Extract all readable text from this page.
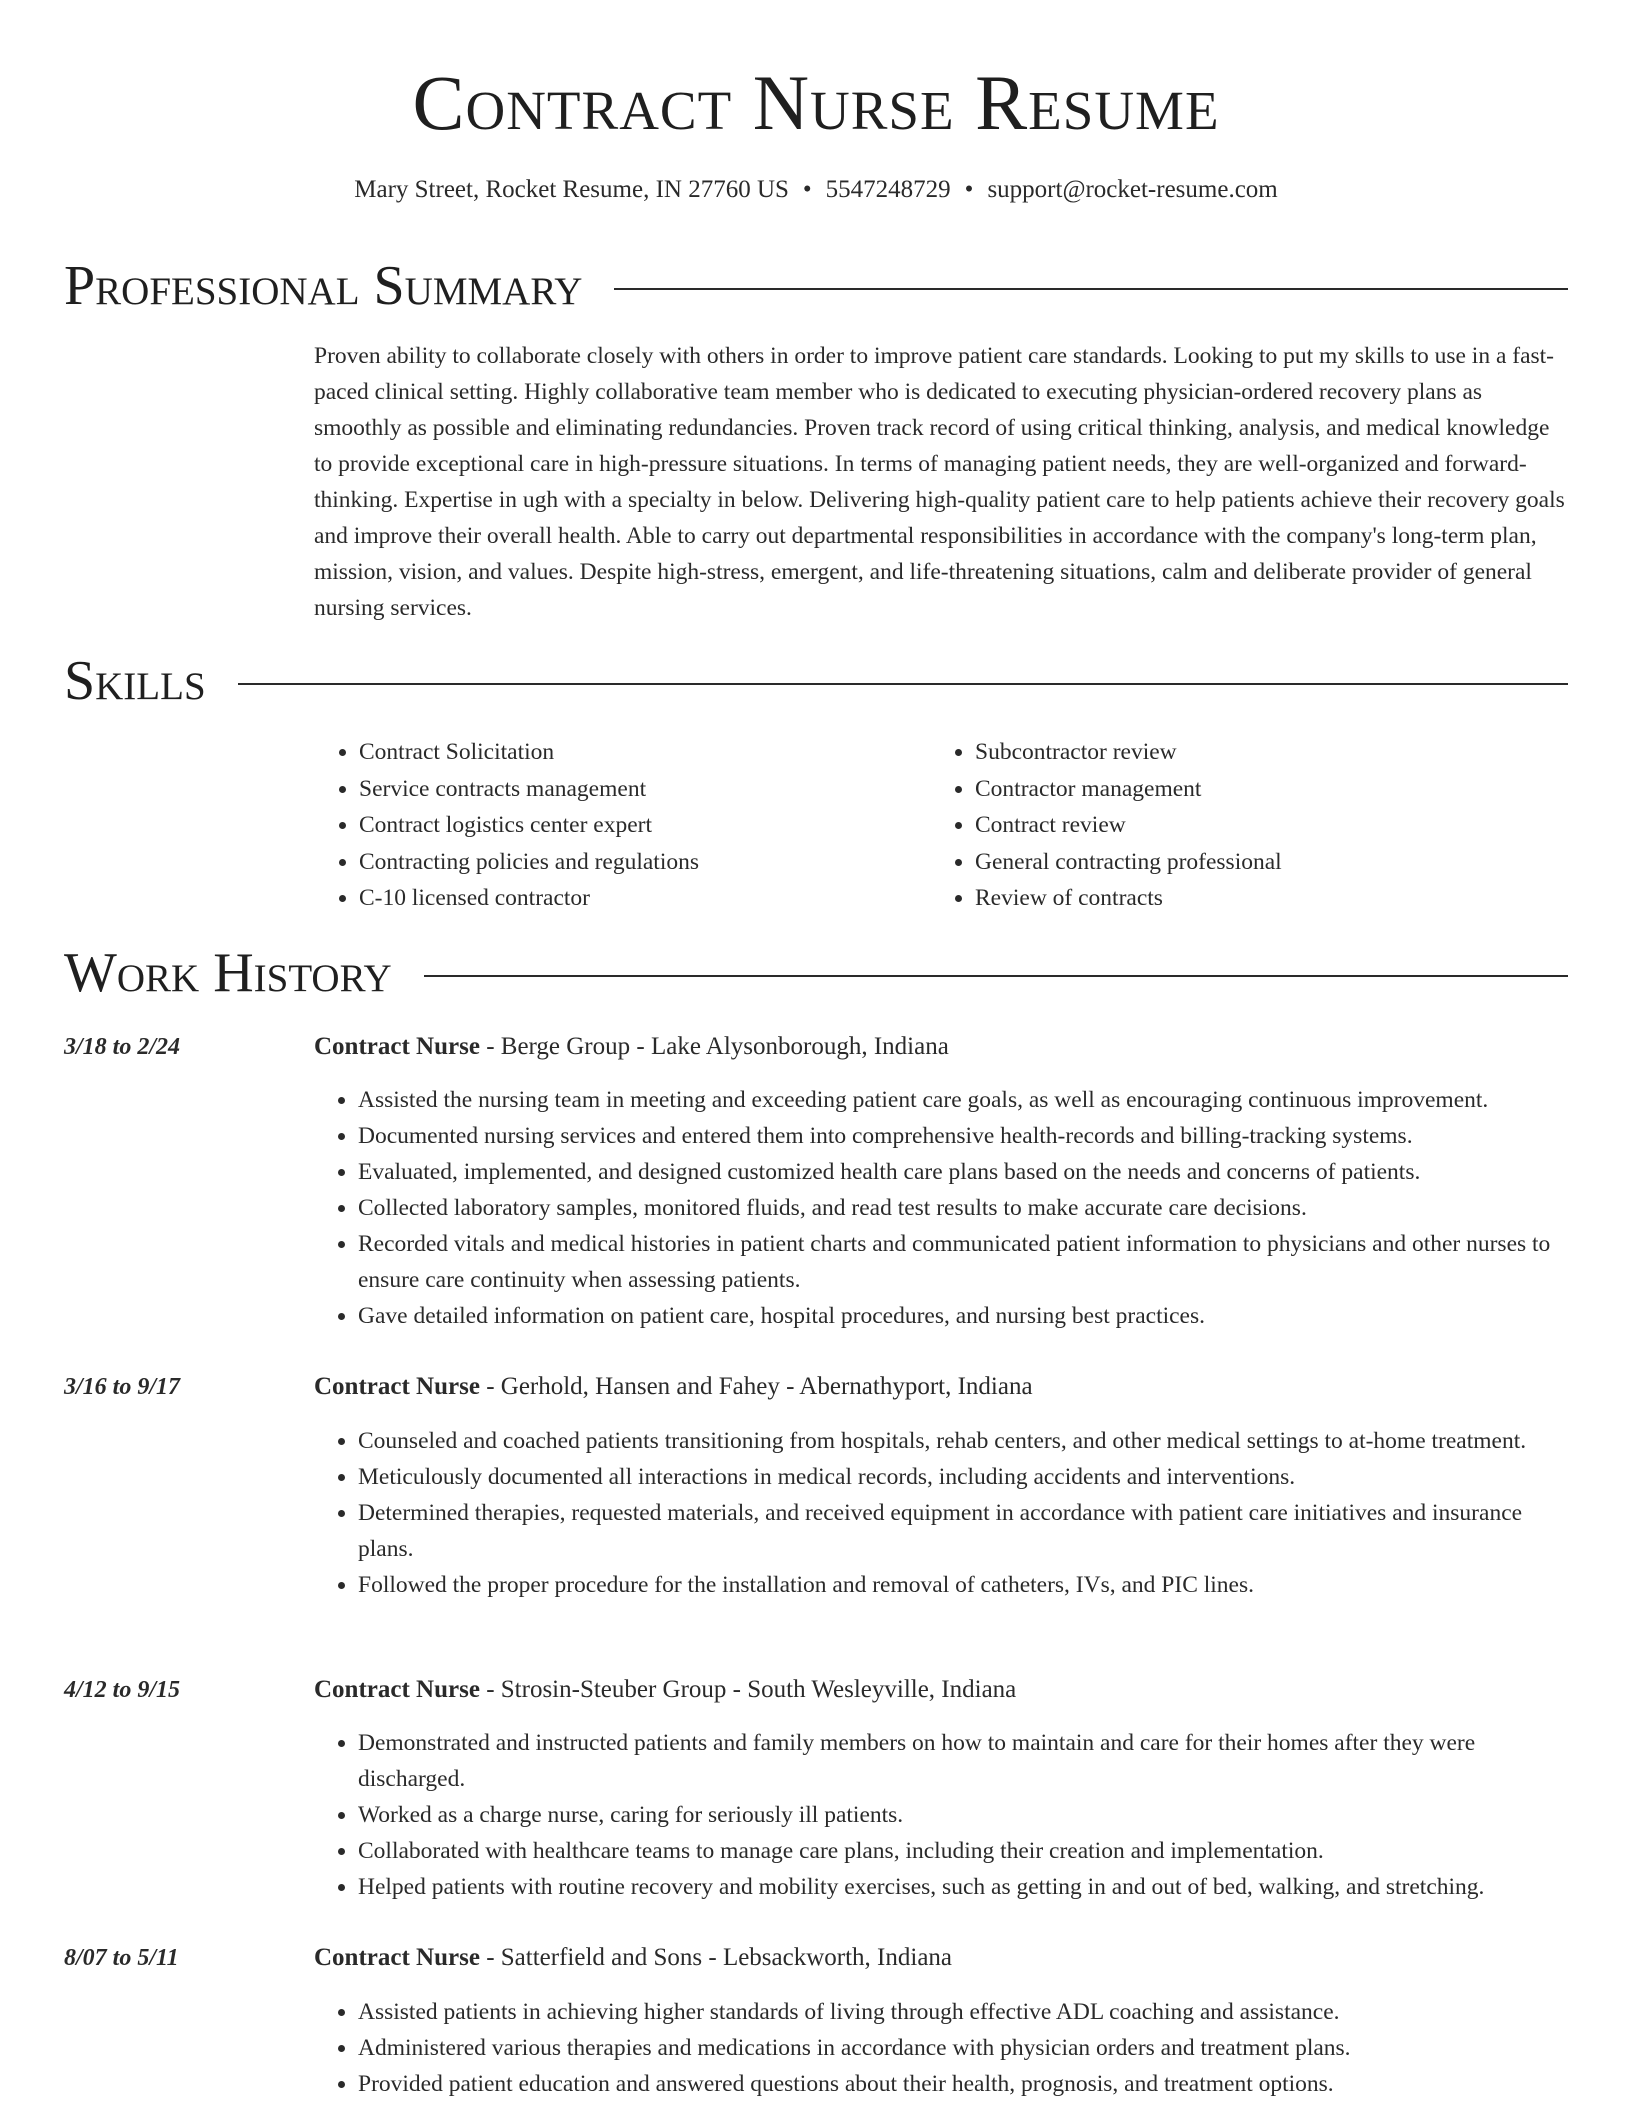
Contract Nurse Resume
Mary Street, Rocket Resume, IN 27760 US • 5547248729 • support@rocket-resume.com
Professional Summary

Proven ability to collaborate closely with others in order to improve patient care standards. Looking to put my skills to use in a fast-paced clinical setting. Highly collaborative team member who is dedicated to executing physician-ordered recovery plans as smoothly as possible and eliminating redundancies. Proven track record of using critical thinking, analysis, and medical knowledge to provide exceptional care in high-pressure situations. In terms of managing patient needs, they are well-organized and forward-thinking. Expertise in ugh with a specialty in below. Delivering high-quality patient care to help patients achieve their recovery goals and improve their overall health. Able to carry out departmental responsibilities in accordance with the company's long-term plan, mission, vision, and values. Despite high-stress, emergent, and life-threatening situations, calm and deliberate provider of general nursing services.

Skills
• Contract Solicitation
• Service contracts management
• Contract logistics center expert
• Contracting policies and regulations
• C-10 licensed contractor
• Subcontractor review
• Contractor management
• Contract review
• General contracting professional
• Review of contracts
Work History
3/18 to 2/24	Contract Nurse - Berge Group - Lake Alysonborough, Indiana
• Assisted the nursing team in meeting and exceeding patient care goals, as well as encouraging continuous improvement.
• Documented nursing services and entered them into comprehensive health-records and billing-tracking systems.
• Evaluated, implemented, and designed customized health care plans based on the needs and concerns of patients.
• Collected laboratory samples, monitored fluids, and read test results to make accurate care decisions.
• Recorded vitals and medical histories in patient charts and communicated patient information to physicians and other nurses to ensure care continuity when assessing patients.
• Gave detailed information on patient care, hospital procedures, and nursing best practices.
3/16 to 9/17	Contract Nurse - Gerhold, Hansen and Fahey - Abernathyport, Indiana
• Counseled and coached patients transitioning from hospitals, rehab centers, and other medical settings to at-home treatment.
• Meticulously documented all interactions in medical records, including accidents and interventions.
• Determined therapies, requested materials, and received equipment in accordance with patient care initiatives and insurance plans.
• Followed the proper procedure for the installation and removal of catheters, IVs, and PIC lines.
4/12 to 9/15	Contract Nurse - Strosin-Steuber Group - South Wesleyville, Indiana
• Demonstrated and instructed patients and family members on how to maintain and care for their homes after they were discharged.
• Worked as a charge nurse, caring for seriously ill patients.
• Collaborated with healthcare teams to manage care plans, including their creation and implementation.
• Helped patients with routine recovery and mobility exercises, such as getting in and out of bed, walking, and stretching.
8/07 to 5/11	Contract Nurse - Satterfield and Sons - Lebsackworth, Indiana
• Assisted patients in achieving higher standards of living through effective ADL coaching and assistance.
• Administered various therapies and medications in accordance with physician orders and treatment plans.
• Provided patient education and answered questions about their health, prognosis, and treatment options.
